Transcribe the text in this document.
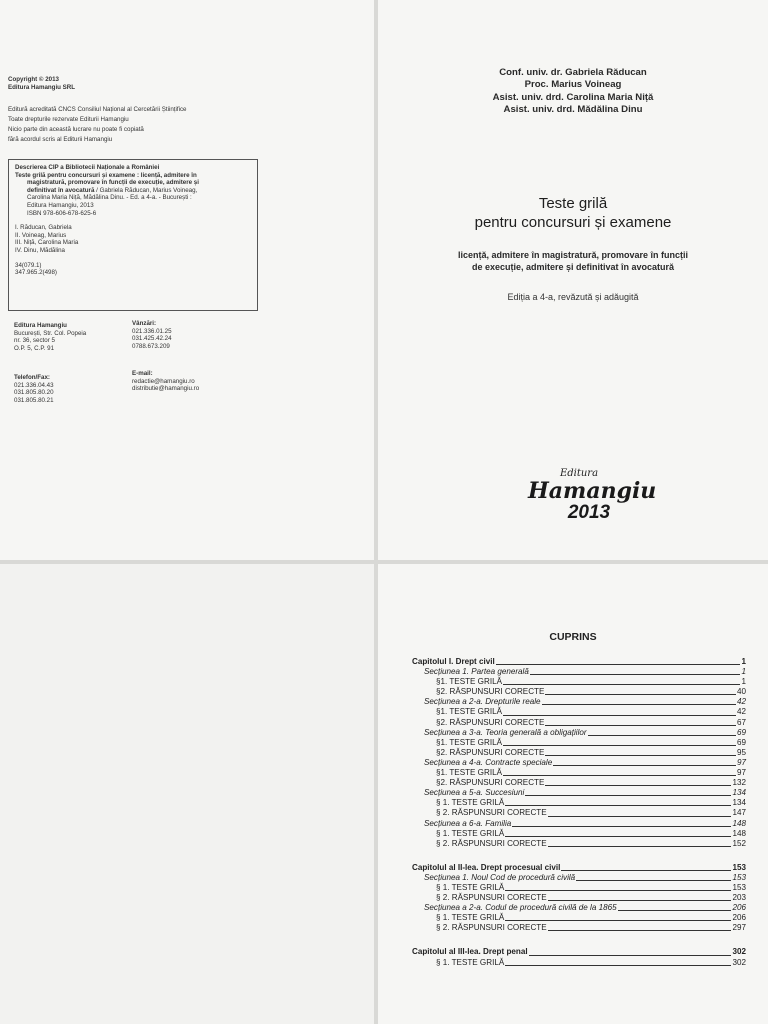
Copyright © 2013
Editura Hamangiu SRL
Editură acreditată CNCS Consiliul Național al Cercetării Științifice
Toate drepturile rezervate Editurii Hamangiu
Nicio parte din această lucrare nu poate fi copiată
fără acordul scris al Editurii Hamangiu
Descrierea CIP a Bibliotecii Naționale a României
Teste grilă pentru concursuri și examene : licență, admitere în
magistratură, promovare în funcții de execuție, admitere și
definitivat în avocatură / Gabriela Răducan, Marius Voineag,
Carolina Maria Niță, Mădălina Dinu. - Ed. a 4-a. - București :
Editura Hamangiu, 2013
ISBN 978-606-678-625-6
I. Răducan, Gabriela
II. Voineag, Marius
III. Niță, Carolina Maria
IV. Dinu, Mădălina
34(079.1)
347.965.2(498)
Editura Hamangiu
București, Str. Col. Popeia
nr. 36, sector 5
O.P. 5, C.P. 91
Telefon/Fax:
021.336.04.43
031.805.80.20
031.805.80.21
Vânzări:
021.336.01.25
031.425.42.24
0788.673.209
E-mail:
redactie@hamangiu.ro
distributie@hamangiu.ro
Conf. univ. dr. Gabriela Răducan
Proc. Marius Voineag
Asist. univ. drd. Carolina Maria Niță
Asist. univ. drd. Mădălina Dinu
Teste grilă
pentru concursuri și examene
licență, admitere în magistratură, promovare în funcții
de execuție, admitere și definitivat în avocatură
Ediția a 4-a, revăzută și adăugită
Editura
Hamangiu
2013
CUPRINS
Capitolul I. Drept civil	1
Secțiunea 1. Partea generală	1
§1. TESTE GRILĂ	1
§2. RĂSPUNSURI CORECTE	40
Secțiunea a 2-a. Drepturile reale	42
§1. TESTE GRILĂ	42
§2. RĂSPUNSURI CORECTE	67
Secțiunea a 3-a. Teoria generală a obligațiilor	69
§1. TESTE GRILĂ	69
§2. RĂSPUNSURI CORECTE	95
Secțiunea a 4-a. Contracte speciale	97
§1. TESTE GRILĂ	97
§2. RĂSPUNSURI CORECTE	132
Secțiunea a 5-a. Succesiuni	134
§ 1. TESTE GRILĂ	134
§ 2. RĂSPUNSURI CORECTE	147
Secțiunea a 6-a. Familia	148
§ 1. TESTE GRILĂ	148
§ 2. RĂSPUNSURI CORECTE	152
Capitolul al II-lea. Drept procesual civil	153
Secțiunea 1. Noul Cod de procedură civilă	153
§ 1. TESTE GRILĂ	153
§ 2. RĂSPUNSURI CORECTE	203
Secțiunea a 2-a. Codul de procedură civilă de la 1865	206
§ 1. TESTE GRILĂ	206
§ 2. RĂSPUNSURI CORECTE	297
Capitolul al III-lea. Drept penal	302
§ 1. TESTE GRILĂ	302
